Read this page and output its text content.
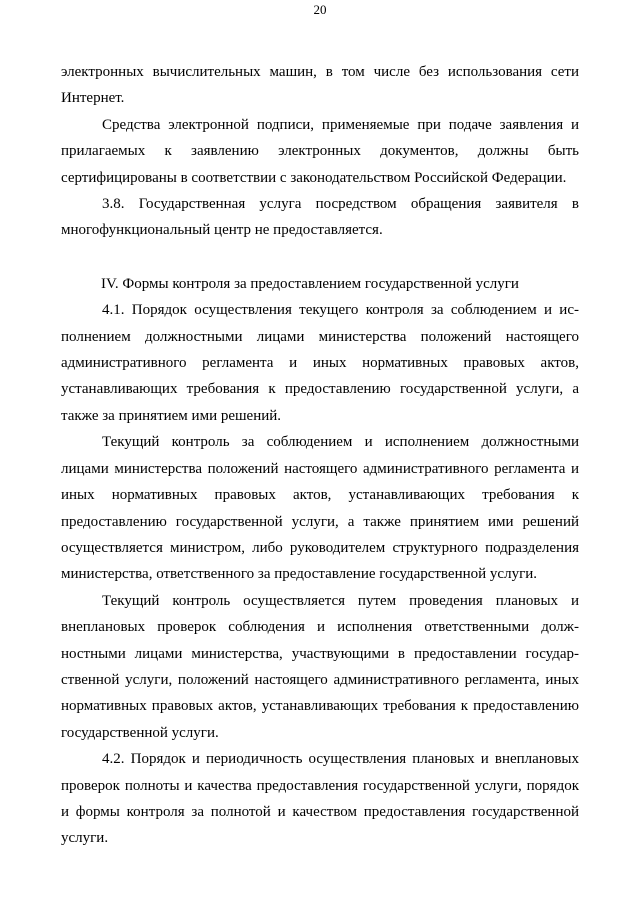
20

электронных вычислительных машин, в том числе без использования сети Интернет.

Средства электронной подписи, применяемые при подаче заявления и прилагаемых к заявлению электронных документов, должны быть сертифицированы в соответствии с законодательством Российской Федерации.

3.8. Государственная услуга посредством обращения заявителя в многофункциональный центр не предоставляется.

IV. Формы контроля за предоставлением государственной услуги

4.1. Порядок осуществления текущего контроля за соблюдением и исполнением должностными лицами министерства положений настоящего административного регламента и иных нормативных правовых актов, устанавливающих требования к предоставлению государственной услуги, а также за принятием ими решений.

Текущий контроль за соблюдением и исполнением должностными лицами министерства положений настоящего административного регламента и иных нормативных правовых актов, устанавливающих требования к предоставлению государственной услуги, а также принятием ими решений осуществляется министром, либо руководителем структурного подразделения министерства, ответственного за предоставление государственной услуги.

Текущий контроль осуществляется путем проведения плановых и внеплановых проверок соблюдения и исполнения ответственными должностными лицами министерства, участвующими в предоставлении государственной услуги, положений настоящего административного регламента, иных нормативных правовых актов, устанавливающих требования к предоставлению государственной услуги.

4.2. Порядок и периодичность осуществления плановых и внеплановых проверок полноты и качества предоставления государственной услуги, порядок и формы контроля за полнотой и качеством предоставления государственной услуги.
